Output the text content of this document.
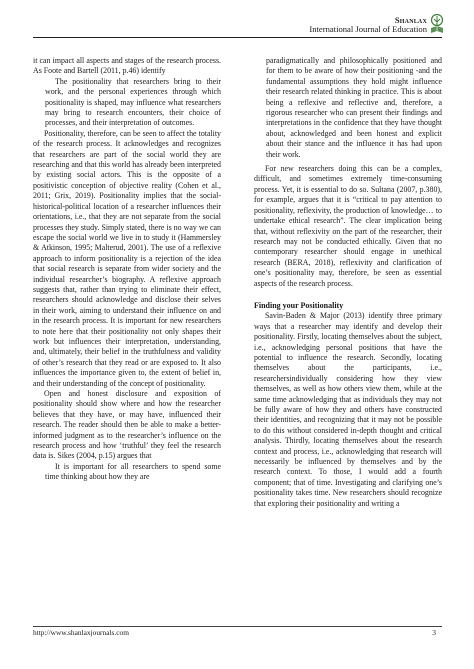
Shanlax
International Journal of Education

it can impact all aspects and stages of the research process. As Foote and Bartell (2011, p.46) identify

The positionality that researchers bring to their work, and the personal experiences through which positionality is shaped, may influence what researchers may bring to research encounters, their choice of processes, and their interpretation of outcomes.

Positionality, therefore, can be seen to affect the totality of the research process. It acknowledges and recognizes that researchers are part of the social world they are researching and that this world has already been interpreted by existing social actors. This is the opposite of a positivistic conception of objective reality (Cohen et al., 2011; Grix, 2019). Positionality implies that the social-historical-political location of a researcher influences their orientations, i.e., that they are not separate from the social processes they study. Simply stated, there is no way we can escape the social world we live in to study it (Hammersley & Atkinson, 1995; Malterud, 2001). The use of a reflexive approach to inform positionality is a rejection of the idea that social research is separate from wider society and the individual researcher’s biography. A reflexive approach suggests that, rather than trying to eliminate their effect, researchers should acknowledge and disclose their selves in their work, aiming to understand their influence on and in the research process. It is important for new researchers to note here that their positionality not only shapes their work but influences their interpretation, understanding, and, ultimately, their belief in the truthfulness and validity of other’s research that they read or are exposed to. It also influences the importance given to, the extent of belief in, and their understanding of the concept of positionality.

Open and honest disclosure and exposition of positionality should show where and how the researcher believes that they have, or may have, influenced their research. The reader should then be able to make a better-informed judgment as to the researcher’s influence on the research process and how ‘truthful’ they feel the research data is. Sikes (2004, p.15) argues that

It is important for all researchers to spend some time thinking about how they are

paradigmatically and philosophically positioned and for them to be aware of how their positioning -and the fundamental assumptions they hold might influence their research related thinking in practice. This is about being a reflexive and reflective and, therefore, a rigorous researcher who can present their findings and interpretations in the confidence that they have thought about, acknowledged and been honest and explicit about their stance and the influence it has had upon their work.

For new researchers doing this can be a complex, difficult, and sometimes extremely time-consuming process. Yet, it is essential to do so. Sultana (2007, p.380), for example, argues that it is “critical to pay attention to positionality, reflexivity, the production of knowledge… to undertake ethical research”. The clear implication being that, without reflexivity on the part of the researcher, their research may not be conducted ethically. Given that no contemporary researcher should engage in unethical research (BERA, 2018), reflexivity and clarification of one’s positionality may, therefore, be seen as essential aspects of the research process.

Finding your Positionality

Savin-Baden & Major (2013) identify three primary ways that a researcher may identify and develop their positionality. Firstly, locating themselves about the subject, i.e., acknowledging personal positions that have the potential to influence the research. Secondly, locating themselves about the participants, i.e., researchersindividually considering how they view themselves, as well as how others view them, while at the same time acknowledging that as individuals they may not be fully aware of how they and others have constructed their identities, and recognizing that it may not be possible to do this without considered in-depth thought and critical analysis. Thirdly, locating themselves about the research context and process, i.e., acknowledging that research will necessarily be influenced by themselves and by the research context. To those, I would add a fourth component; that of time. Investigating and clarifying one’s positionality takes time. New researchers should recognize that exploring their positionality and writing a

http://www.shanlaxjournals.com	3
